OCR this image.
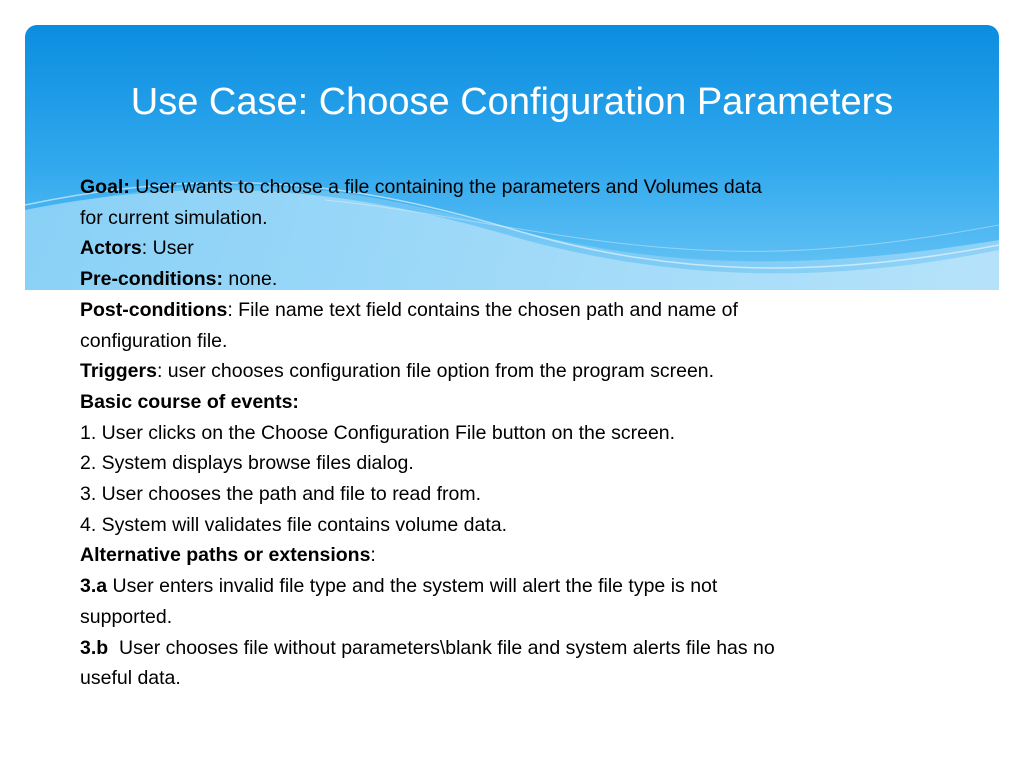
Use Case: Choose Configuration Parameters
Goal: User wants to choose a file containing the parameters and Volumes data
for current simulation.
Actors: User
Pre-conditions: none.
Post-conditions: File name text field contains the chosen path and name of
configuration file.
Triggers: user chooses configuration file option from the program screen.
Basic course of events:
1. User clicks on the Choose Configuration File button on the screen.
2. System displays browse files dialog.
3. User chooses the path and file to read from.
4. System will validates file contains volume data.
Alternative paths or extensions:
3.a User enters invalid file type and the system will alert the file type is not
supported.
3.b  User chooses file without parameters\blank file and system alerts file has no
useful data.
